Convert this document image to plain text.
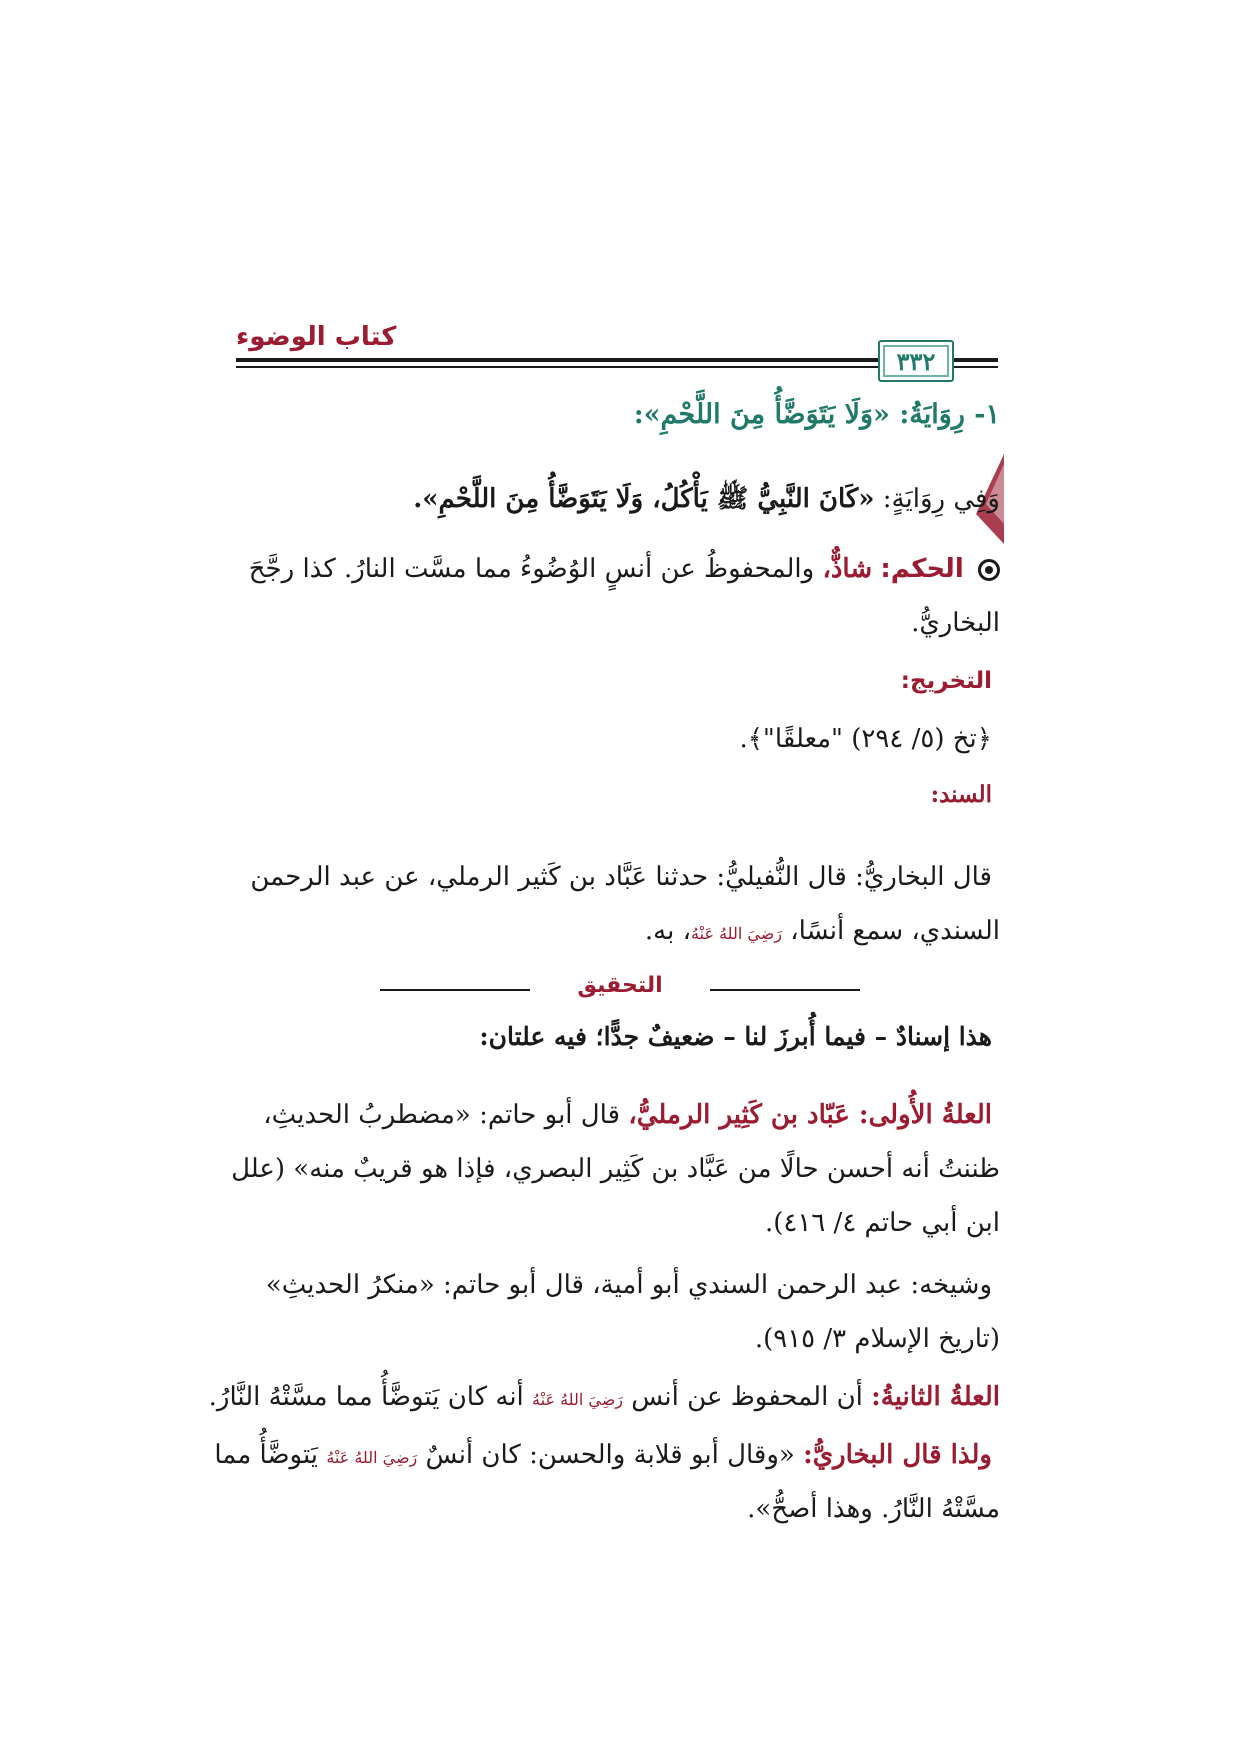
كتاب الوضوء
٣٣٢
١- رِوَايَةُ: «وَلَا يَتَوَضَّأُ مِنَ اللَّحْمِ»:
وَفِي رِوَايَةٍ: «كَانَ النَّبِيُّ ﷺ يَأْكُلُ، وَلَا يَتَوَضَّأُ مِنَ اللَّحْمِ».
الحكم: شاذٌّ، والمحفوظُ عن أنسٍ الوُضُوءُ مما مسَّت النارُ. كذا رجَّحَ
البخاريُّ.
التخريج:
﴿تخ (٥/ ٢٩٤) "معلقًا"﴾.
السند:
قال البخاريُّ: قال النُّفيليُّ: حدثنا عَبَّاد بن كَثير الرملي، عن عبد الرحمن
السندي، سمع أنسًا، رَضِيَ اللهُ عَنْهُ، به.
التحقيق
هذا إسنادٌ – فيما أُبرزَ لنا – ضعيفٌ جدًّا؛ فيه علتان:
العلةُ الأُولى: عَبّاد بن كَثِير الرمليُّ، قال أبو حاتم: «مضطربُ الحديثِ،
ظننتُ أنه أحسن حالًا من عَبَّاد بن كَثِير البصري، فإذا هو قريبٌ منه» (علل
ابن أبي حاتم ٤/ ٤١٦).
وشيخه: عبد الرحمن السندي أبو أمية، قال أبو حاتم: «منكرُ الحديثِ»
(تاريخ الإسلام ٣/ ٩١٥).
العلةُ الثانيةُ: أن المحفوظ عن أنس رَضِيَ اللهُ عَنْهُ أنه كان يَتوضَّأُ مما مسَّتْهُ النَّارُ.
ولذا قال البخاريُّ: «وقال أبو قلابة والحسن: كان أنسٌ رَضِيَ اللهُ عَنْهُ يَتوضَّأُ مما
مسَّتْهُ النَّارُ. وهذا أصحُّ».
